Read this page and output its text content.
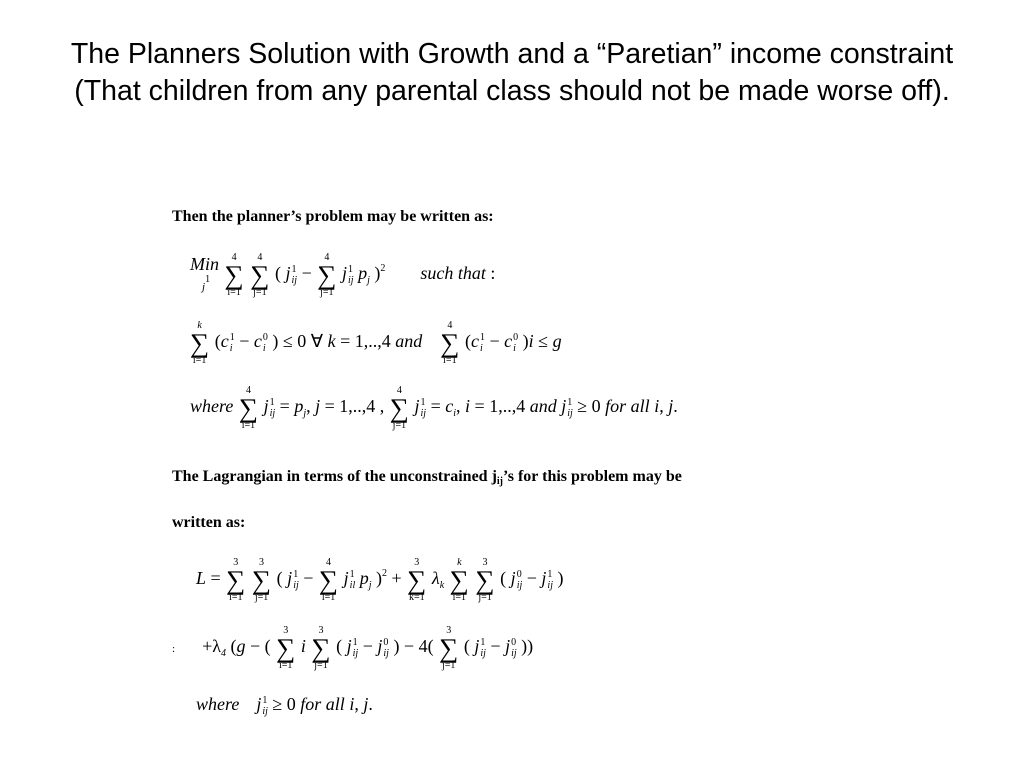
The Planners Solution with Growth and a “Paretian” income constraint (That children from any parental class should not be made worse off).
Then the planner’s problem may be written as:
Min
j1

4
∑
i=1

4
∑
j=1
( j 1
ij −
4
∑
j=1
j 1
ij $p_j$ )$^2$ such that :
k
∑
i=1
(c 1
i − c 0
i ) ≤ 0 ∀ k = 1,..,4 and
4
∑
i=1
(c 1
i − c 0
i )i ≤ g
where
4
∑
i=1
j 1
ij = $p_j$, j = 1,..,4 ,
4
∑
j=1
j 1
ij = $c_i$, i = 1,..,4 and j 1
ij ≥ 0 for all i, j.
The Lagrangian in terms of the unconstrained $j_{ij}’s$ for this problem may be
written as:
L =
3
∑
i=1

3
∑
j=1
( j 1
ij −
4
∑
l=1
j 1
il $p_j$ )$^2$ +
3
∑
k=1
$\lambda_k$
k
∑
i=1

3
∑
j=1
( j 0
ij − j 1
ij )
: $+\lambda_4$ (g − (
3
∑
i=1
i
3
∑
j=1
( j 1
ij − j 0
ij ) − 4(
3
∑
j=1
( j 1
ij − j 0
ij ))
where j 1
ij ≥ 0 for all i, j.
